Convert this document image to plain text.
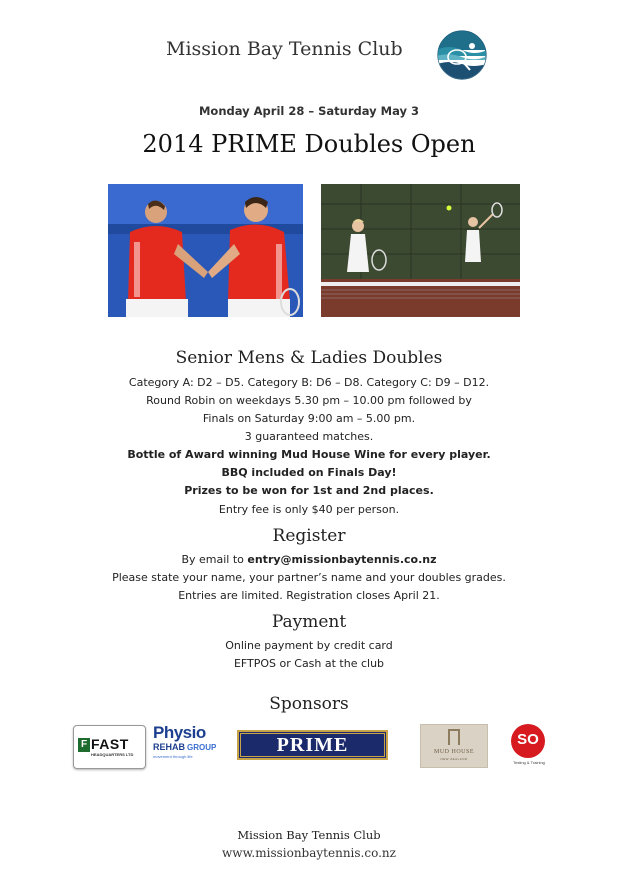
Mission Bay Tennis Club
Monday April 28 – Saturday May 3
2014 PRIME Doubles Open
Senior Mens & Ladies Doubles
Category A: D2 – D5. Category B: D6 – D8. Category C: D9 – D12.
Round Robin on weekdays 5.30 pm – 10.00 pm followed by
Finals on Saturday 9:00 am – 5.00 pm.
3 guaranteed matches.
Bottle of Award winning Mud House Wine for every player.
BBQ included on Finals Day!
Prizes to be won for 1st and 2nd places.
Entry fee is only $40 per person.
Register
By email to entry@missionbaytennis.co.nz
Please state your name, your partner’s name and your doubles grades.
Entries are limited. Registration closes April 21.
Payment
Online payment by credit card
EFTPOS or Cash at the club
Sponsors
F FAST
HEADQUARTERS LTD
Physio
REHAB GROUP
movement through life
PRIME	MUD HOUSE
NEW ZEALAND
SO
Testing & Training
Mission Bay Tennis Club
www.missionbaytennis.co.nz
